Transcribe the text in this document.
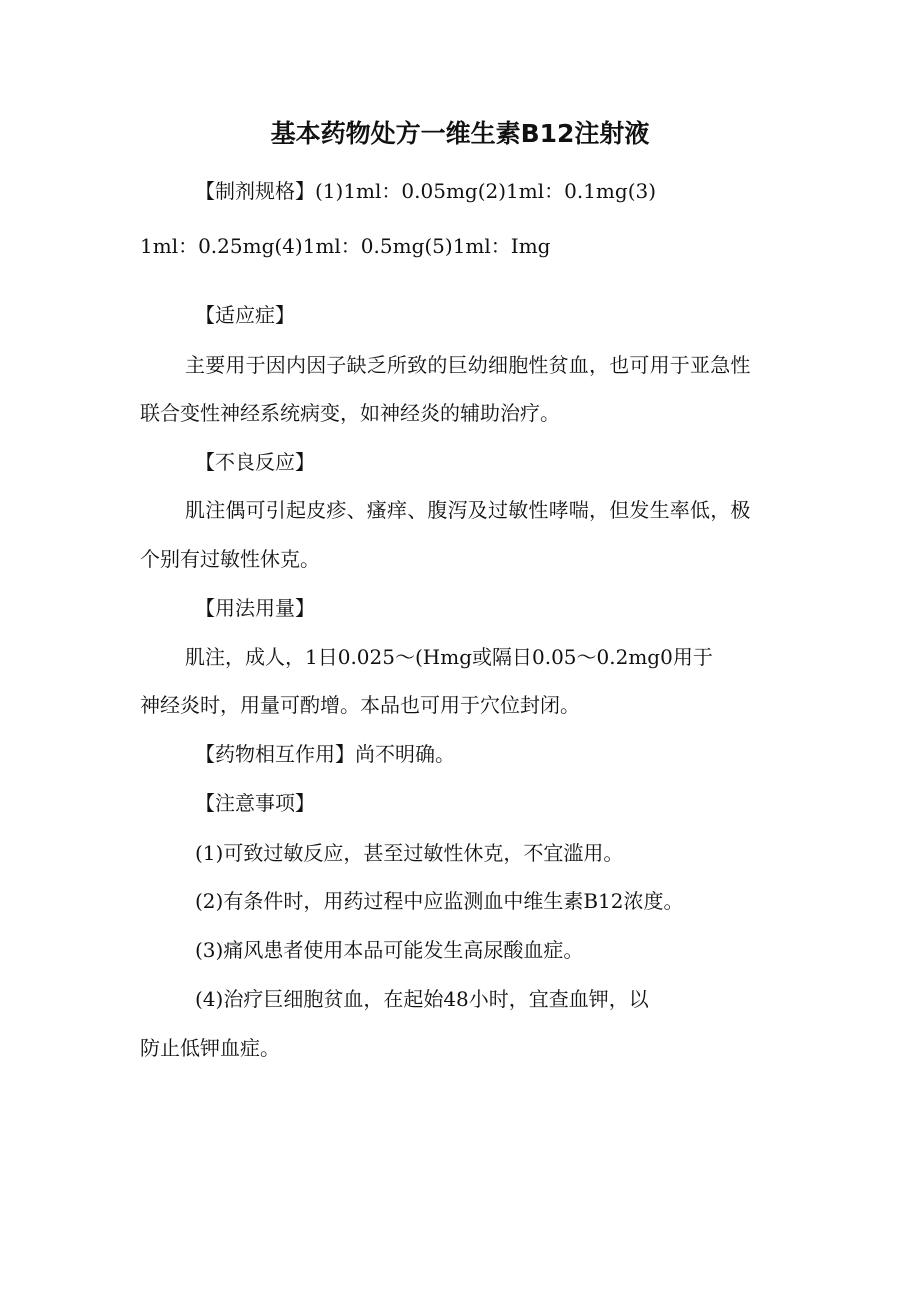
基本药物处方一维生素B12注射液
【制剂规格】(1)1ml：0.05mg(2)1ml：0.1mg(3)
1ml：0.25mg(4)1ml：0.5mg(5)1ml：Img
【适应症】
主要用于因内因子缺乏所致的巨幼细胞性贫血，也可用于亚急性
联合变性神经系统病变，如神经炎的辅助治疗。
【不良反应】
肌注偶可引起皮疹、瘙痒、腹泻及过敏性哮喘，但发生率低，极
个别有过敏性休克。
【用法用量】
肌注，成人，1日0.025～(Hmg或隔日0.05～0.2mg0用于
神经炎时，用量可酌增。本品也可用于穴位封闭。
【药物相互作用】尚不明确。
【注意事项】
(1)可致过敏反应，甚至过敏性休克，不宜滥用。
(2)有条件时，用药过程中应监测血中维生素B12浓度。
(3)痛风患者使用本品可能发生高尿酸血症。
(4)治疗巨细胞贫血，在起始48小时，宜查血钾，以
防止低钾血症。
